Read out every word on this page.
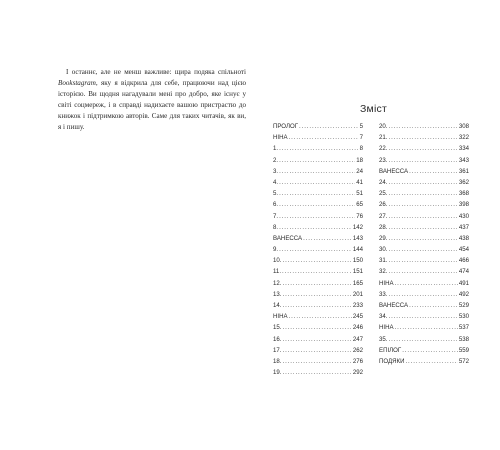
І останнє, але не менш важливе: щира подяка спільноті Bookstagram, яку я відкрила для себе, працюючи над цією історією. Ви щодня нагадували мені про добро, яке існує у світі соцмереж, і в справді надихаєте вашою пристрастю до книжок і підтримкою авторів. Саме для таких читачів, як ви, я і пишу.

Зміст
ПРОЛОГ .....	5
НІНА .....	7
1. .....	8
2. .....	18
3. .....	24
4. .....	41
5. .....	51
6. .....	65
7. .....	76
8. .....	142
ВАНЕССА .....	143
9. .....	144
10. .....	150
11. .....	151
12. .....	165
13. .....	201
14. .....	233
НІНА .....	245
15. .....	246
16. .....	247
17. .....	262
18. .....	276
19. .....	292
20. .....	308
21. .....	322
22. .....	334
23. .....	343
ВАНЕССА .....	361
24. .....	362
25. .....	368
26. .....	398
27. .....	430
28. .....	437
29. .....	438
30. .....	454
31. .....	466
32. .....	474
НІНА .....	491
33. .....	492
ВАНЕССА .....	529
34. .....	530
НІНА .....	537
35. .....	538
ЕПІЛОГ .....	559
ПОДЯКИ .....	572
